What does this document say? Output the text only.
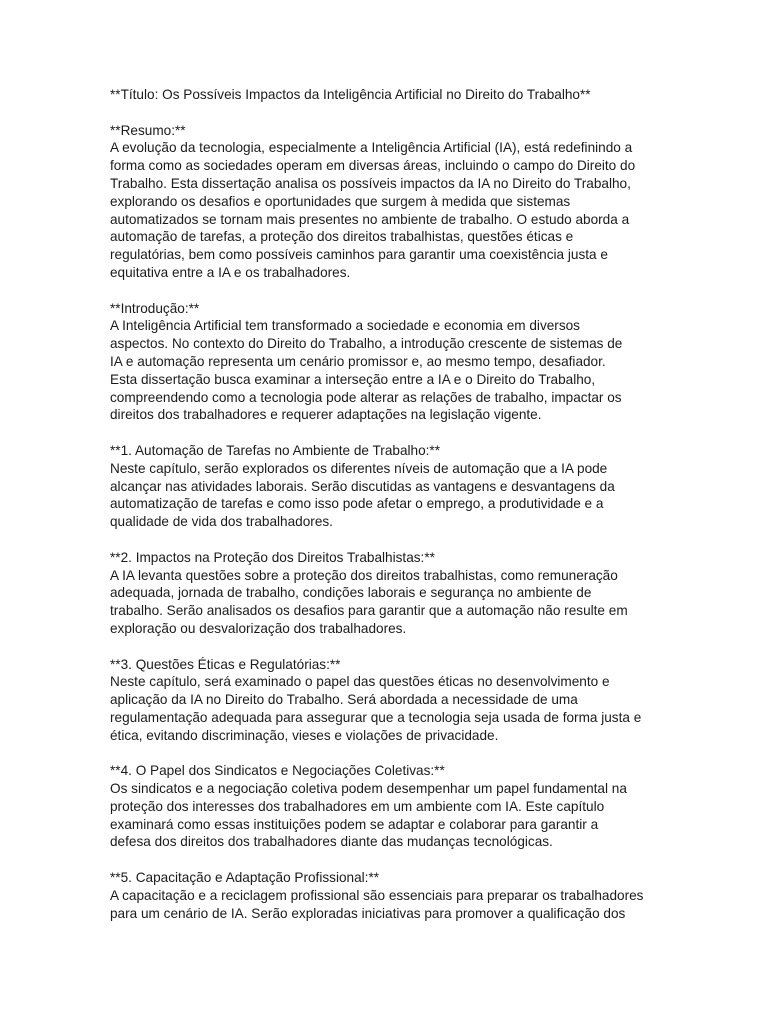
**Título: Os Possíveis Impactos da Inteligência Artificial no Direito do Trabalho**

**Resumo:**

A evolução da tecnologia, especialmente a Inteligência Artificial (IA), está redefinindo a
forma como as sociedades operam em diversas áreas, incluindo o campo do Direito do
Trabalho. Esta dissertação analisa os possíveis impactos da IA no Direito do Trabalho,
explorando os desafios e oportunidades que surgem à medida que sistemas
automatizados se tornam mais presentes no ambiente de trabalho. O estudo aborda a
automação de tarefas, a proteção dos direitos trabalhistas, questões éticas e
regulatórias, bem como possíveis caminhos para garantir uma coexistência justa e
equitativa entre a IA e os trabalhadores.

**Introdução:**

A Inteligência Artificial tem transformado a sociedade e economia em diversos
aspectos. No contexto do Direito do Trabalho, a introdução crescente de sistemas de
IA e automação representa um cenário promissor e, ao mesmo tempo, desafiador.
Esta dissertação busca examinar a interseção entre a IA e o Direito do Trabalho,
compreendendo como a tecnologia pode alterar as relações de trabalho, impactar os
direitos dos trabalhadores e requerer adaptações na legislação vigente.

**1. Automação de Tarefas no Ambiente de Trabalho:**

Neste capítulo, serão explorados os diferentes níveis de automação que a IA pode
alcançar nas atividades laborais. Serão discutidas as vantagens e desvantagens da
automatização de tarefas e como isso pode afetar o emprego, a produtividade e a
qualidade de vida dos trabalhadores.

**2. Impactos na Proteção dos Direitos Trabalhistas:**

A IA levanta questões sobre a proteção dos direitos trabalhistas, como remuneração
adequada, jornada de trabalho, condições laborais e segurança no ambiente de
trabalho. Serão analisados os desafios para garantir que a automação não resulte em
exploração ou desvalorização dos trabalhadores.

**3. Questões Éticas e Regulatórias:**

Neste capítulo, será examinado o papel das questões éticas no desenvolvimento e
aplicação da IA no Direito do Trabalho. Será abordada a necessidade de uma
regulamentação adequada para assegurar que a tecnologia seja usada de forma justa e
ética, evitando discriminação, vieses e violações de privacidade.

**4. O Papel dos Sindicatos e Negociações Coletivas:**

Os sindicatos e a negociação coletiva podem desempenhar um papel fundamental na
proteção dos interesses dos trabalhadores em um ambiente com IA. Este capítulo
examinará como essas instituições podem se adaptar e colaborar para garantir a
defesa dos direitos dos trabalhadores diante das mudanças tecnológicas.

**5. Capacitação e Adaptação Profissional:**

A capacitação e a reciclagem profissional são essenciais para preparar os trabalhadores
para um cenário de IA. Serão exploradas iniciativas para promover a qualificação dos
